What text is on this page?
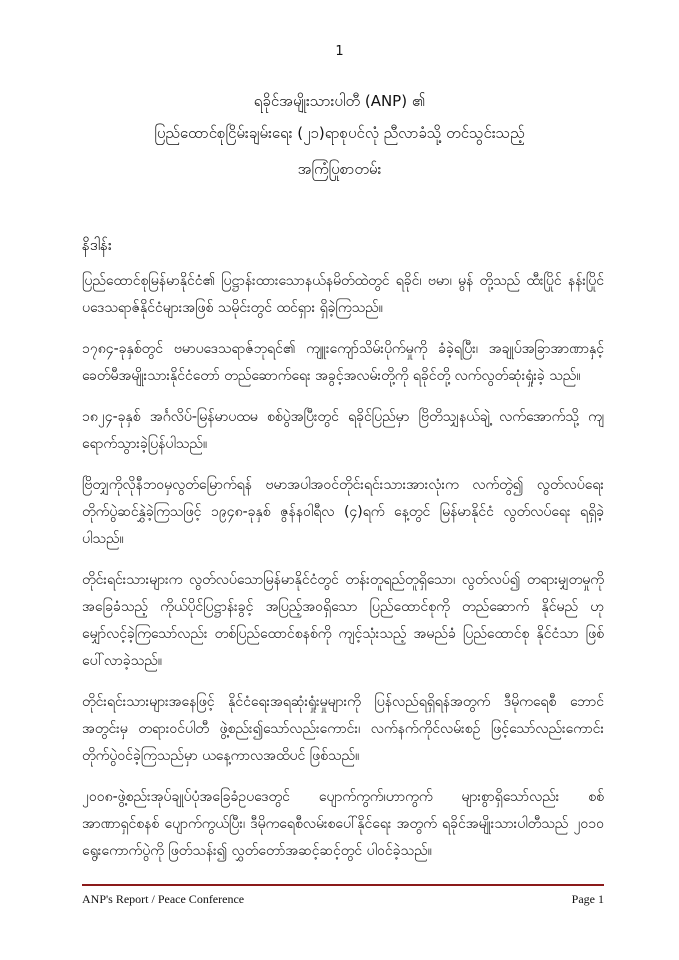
1
ရခိုင်အမျိုးသားပါတီ (ANP) ၏
ပြည်ထောင်စုငြိမ်းချမ်းရေး (၂၁)ရာစုပင်လုံ ညီလာခံသို့ တင်သွင်းသည့်
အကြံပြုစာတမ်း
နိဒါန်း

ပြည်ထောင်စုမြန်မာနိုင်ငံ၏ ပြဋ္ဌာန်းထားသောနယ်နမိတ်ထဲတွင် ရခိုင်၊ ဗမာ၊ မွန် တို့သည် ထီးပြိုင် နန်းပြိုင် ပဒေသရာဇ်နိုင်ငံများအဖြစ် သမိုင်းတွင် ထင်ရှား ရှိခဲ့ကြသည်။

၁၇၈၄-ခုနှစ်တွင် ဗမာပဒေသရာဇ်ဘုရင်၏ ကျူးကျော်သိမ်းပိုက်မှုကို ခံခဲ့ရပြီး၊ အချုပ်အခြာအာဏာနှင့် ခေတ်မီအမျိုးသားနိုင်ငံတော် တည်ဆောက်ရေး အခွင့်အလမ်းတို့ကို ရခိုင်တို့ လက်လွတ်ဆုံးရှုံးခဲ့ သည်။

၁၈၂၄-ခုနှစ် အင်္ဂလိပ်-မြန်မာပထမ စစ်ပွဲအပြီးတွင် ရခိုင်ပြည်မှာ ဗြိတိသျှနယ်ချဲ့ လက်အောက်သို့ ကျရောက်သွားခဲ့ပြန်ပါသည်။

ဗြိတျှကိုလိုနီဘဝမှလွတ်မြောက်ရန် ဗမာအပါအဝင်တိုင်းရင်းသားအားလုံးက လက်တွဲ၍ လွတ်လပ်ရေး တိုက်ပွဲဆင်နွှဲခဲ့ကြသဖြင့် ၁၉၄၈-ခုနှစ် ဇွန်နဝါရီလ (၄)ရက် နေ့တွင် မြန်မာနိုင်ငံ လွတ်လပ်ရေး ရရှိခဲ့ပါသည်။

တိုင်းရင်းသားများက လွတ်လပ်သောမြန်မာနိုင်ငံတွင် တန်းတူရည်တူရှိသော၊ လွတ်လပ်၍ တရားမျှတမှုကို အခြေခံသည့် ကိုယ်ပိုင်ပြဋ္ဌာန်းခွင့် အပြည့်အဝရှိသော ပြည်ထောင်စုကို တည်ဆောက် နိုင်မည် ဟု မျှော်လင့်ခဲ့ကြသော်လည်း တစ်ပြည်ထောင်စနစ်ကို ကျင့်သုံးသည့် အမည်ခံ ပြည်ထောင်စု နိုင်ငံသာ ဖြစ်ပေါ်လာခဲ့သည်။

တိုင်းရင်းသားများအနေဖြင့် နိုင်ငံရေးအရဆုံးရှုံးမှုများကို ပြန်လည်ရရှိရန်အတွက် ဒီမိုကရေစီ ဘောင် အတွင်းမှ တရားဝင်ပါတီ ဖွဲ့စည်း၍သော်လည်းကောင်း၊ လက်နက်ကိုင်လမ်းစဉ် ဖြင့်သော်လည်းကောင်း တိုက်ပွဲဝင်ခဲ့ကြသည်မှာ ယနေ့ကာလအထိပင် ဖြစ်သည်။

၂၀၀၈-ဖွဲ့စည်းအုပ်ချုပ်ပုံအခြေခံဥပဒေတွင် ပျောက်ကွက်၊ဟာကွက် များစွာရှိသော်လည်း စစ်အာဏာရှင်စနစ် ပျောက်ကွယ်ပြီး၊ ဒီမိုကရေစီလမ်းစပေါ်နိုင်ရေး အတွက် ရခိုင်အမျိုးသားပါတီသည် ၂၀၁၀ ရွေးကောက်ပွဲကို ဖြတ်သန်း၍ လွှတ်တော်အဆင့်ဆင့်တွင် ပါဝင်ခဲ့သည်။

ANP's Report / Peace Conference	Page 1
